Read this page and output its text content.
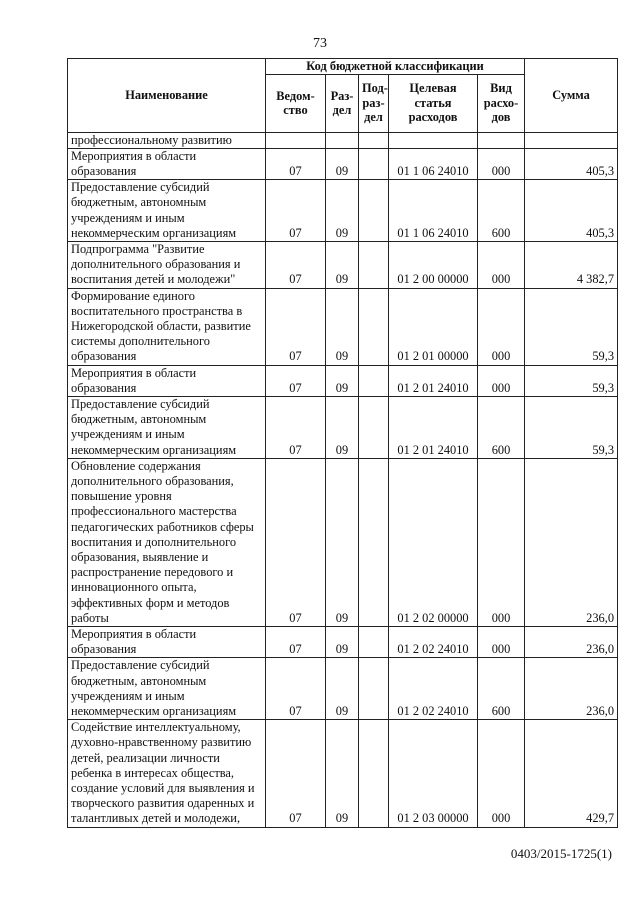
73
Наименование	Код бюджетной классификации					Сумма
	Ведом-ство	Раз-дел	Под-раз-дел	Целевая статья расходов	Вид расхо-дов	
профессиональному развитию						
Мероприятия в области образования	07	09		01 1 06 24010	000	405,3
Предоставление субсидий бюджетным, автономным учреждениям и иным некоммерческим организациям	07	09		01 1 06 24010	600	405,3
Подпрограмма "Развитие дополнительного образования и воспитания детей и молодежи"	07	09		01 2 00 00000	000	4 382,7
Формирование единого воспитательного пространства в Нижегородской области, развитие системы дополнительного образования	07	09		01 2 01 00000	000	59,3
Мероприятия в области образования	07	09		01 2 01 24010	000	59,3
Предоставление субсидий бюджетным, автономным учреждениям и иным некоммерческим организациям	07	09		01 2 01 24010	600	59,3
Обновление содержания дополнительного образования, повышение уровня профессионального мастерства педагогических работников сферы воспитания и дополнительного образования, выявление и распространение передового и инновационного опыта, эффективных форм и методов работы	07	09		01 2 02 00000	000	236,0
Мероприятия в области образования	07	09		01 2 02 24010	000	236,0
Предоставление субсидий бюджетным, автономным учреждениям и иным некоммерческим организациям	07	09		01 2 02 24010	600	236,0
Содействие интеллектуальному, духовно-нравственному развитию детей, реализации личности ребенка в интересах общества, создание условий для выявления и творческого развития одаренных и талантливых детей и молодежи,	07	09		01 2 03 00000	000	429,7
0403/2015-1725(1)
